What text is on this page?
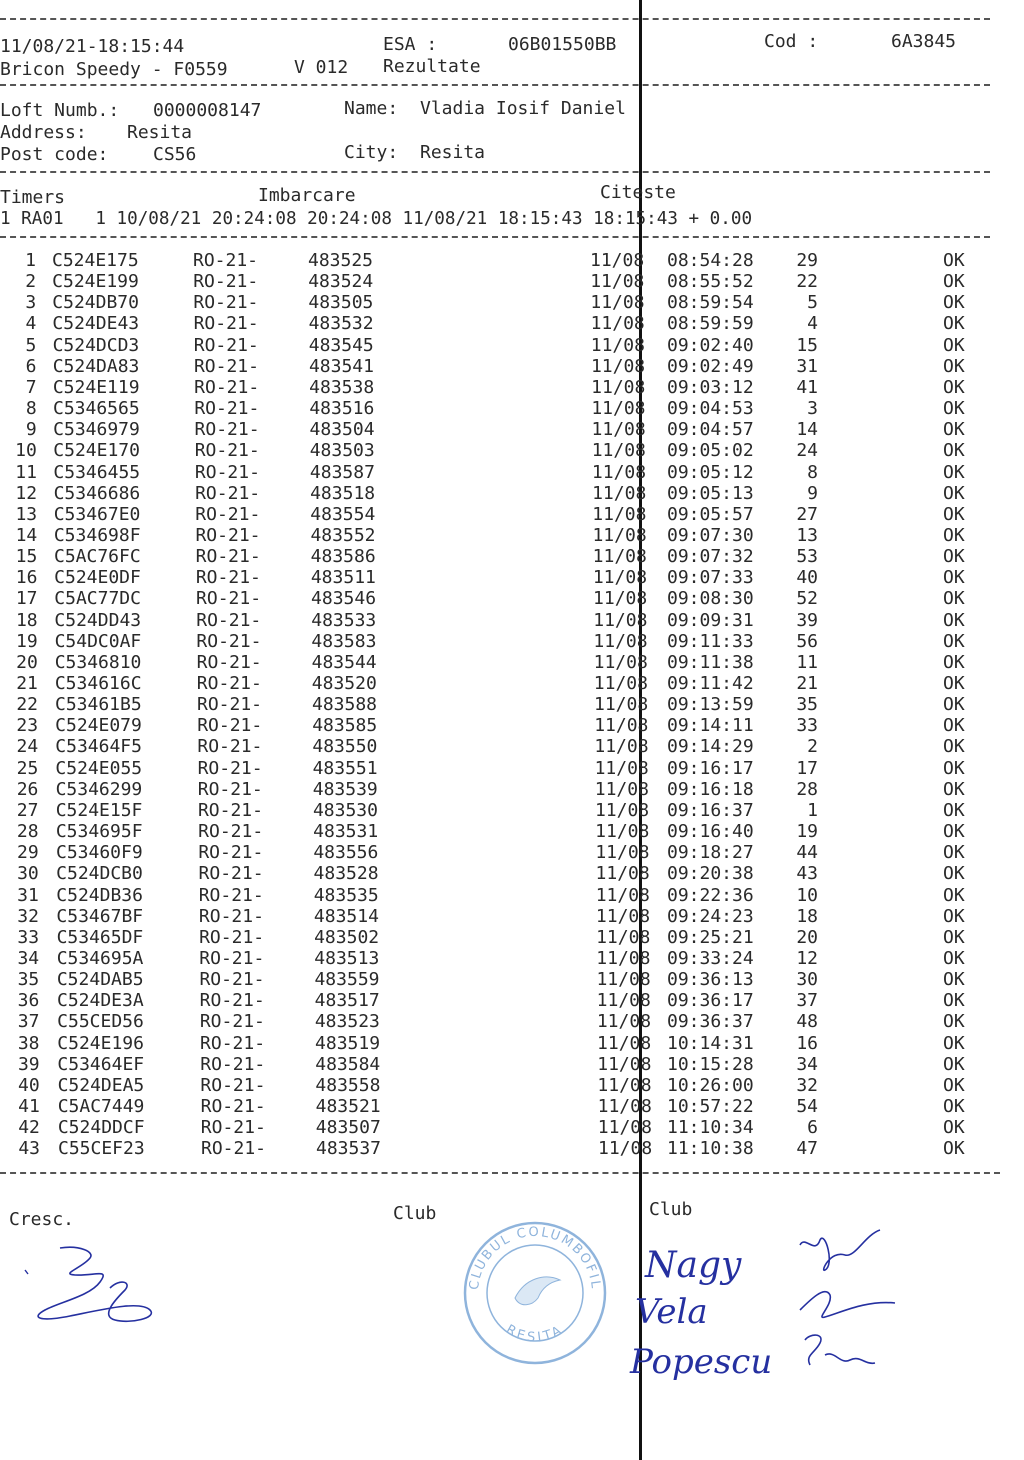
11/08/21-18:15:44	ESA :	06B01550BB	Cod :	6A3845
Bricon Speedy - F0559	V 012 Rezultate
Loft Numb.: 0000008147	Name: Vladia Iosif Daniel
Address: Resita
Post code: CS56	City: Resita
Timers	Imbarcare	Citeste
1 RA01   1 10/08/21 20:24:08 20:24:08 11/08/21 18:15:43 18:15:43 + 0.00
1 C524E175	RO-21-	483525	11/08 08:54:28	29	OK
2 C524E199	RO-21-	483524	11/08 08:55:52	22	OK
3 C524DB70	RO-21-	483505	11/08 08:59:54	5	OK
4 C524DE43	RO-21-	483532	11/08 08:59:59	4	OK
5 C524DCD3	RO-21-	483545	11/08 09:02:40	15	OK
6 C524DA83	RO-21-	483541	11/08 09:02:49	31	OK
7 C524E119	RO-21-	483538	11/08 09:03:12	41	OK
8 C5346565	RO-21-	483516	11/08 09:04:53	3	OK
9 C5346979	RO-21-	483504	11/08 09:04:57	14	OK
10 C524E170	RO-21-	483503	11/08 09:05:02	24	OK
11 C5346455	RO-21-	483587	11/08 09:05:12	8	OK
12 C5346686	RO-21-	483518	11/08 09:05:13	9	OK
13 C53467E0	RO-21-	483554	11/08 09:05:57	27	OK
14 C534698F	RO-21-	483552	11/08 09:07:30	13	OK
15 C5AC76FC	RO-21-	483586	11/08 09:07:32	53	OK
16 C524E0DF	RO-21-	483511	11/08 09:07:33	40	OK
17 C5AC77DC	RO-21-	483546	11/08 09:08:30	52	OK
18 C524DD43	RO-21-	483533	11/08 09:09:31	39	OK
19 C54DC0AF	RO-21-	483583	11/08 09:11:33	56	OK
20 C5346810	RO-21-	483544	11/08 09:11:38	11	OK
21 C534616C	RO-21-	483520	11/08 09:11:42	21	OK
22 C53461B5	RO-21-	483588	11/08 09:13:59	35	OK
23 C524E079	RO-21-	483585	11/08 09:14:11	33	OK
24 C53464F5	RO-21-	483550	11/08 09:14:29	2	OK
25 C524E055	RO-21-	483551	11/08 09:16:17	17	OK
26 C5346299	RO-21-	483539	11/08 09:16:18	28	OK
27 C524E15F	RO-21-	483530	11/08 09:16:37	1	OK
28 C534695F	RO-21-	483531	11/08 09:16:40	19	OK
29 C53460F9	RO-21-	483556	11/08 09:18:27	44	OK
30 C524DCB0	RO-21-	483528	11/08 09:20:38	43	OK
31 C524DB36	RO-21-	483535	11/08 09:22:36	10	OK
32 C53467BF	RO-21-	483514	11/08 09:24:23	18	OK
33 C53465DF	RO-21-	483502	11/08 09:25:21	20	OK
34 C534695A	RO-21-	483513	11/08 09:33:24	12	OK
35 C524DAB5	RO-21-	483559	11/08 09:36:13	30	OK
36 C524DE3A	RO-21-	483517	11/08 09:36:17	37	OK
37 C55CED56	RO-21-	483523	11/08 09:36:37	48	OK
38 C524E196	RO-21-	483519	11/08 10:14:31	16	OK
39 C53464EF	RO-21-	483584	11/08 10:15:28	34	OK
40 C524DEA5	RO-21-	483558	11/08 10:26:00	32	OK
41 C5AC7449	RO-21-	483521	11/08 10:57:22	54	OK
42 C524DDCF	RO-21-	483507	11/08 11:10:34	6	OK
43 C55CEF23	RO-21-	483537	11/08 11:10:38	47	OK
Cresc.	Club	Club
CLUBUL COLUMBOFIL
RESITA
Nagy
Vela
Popescu
